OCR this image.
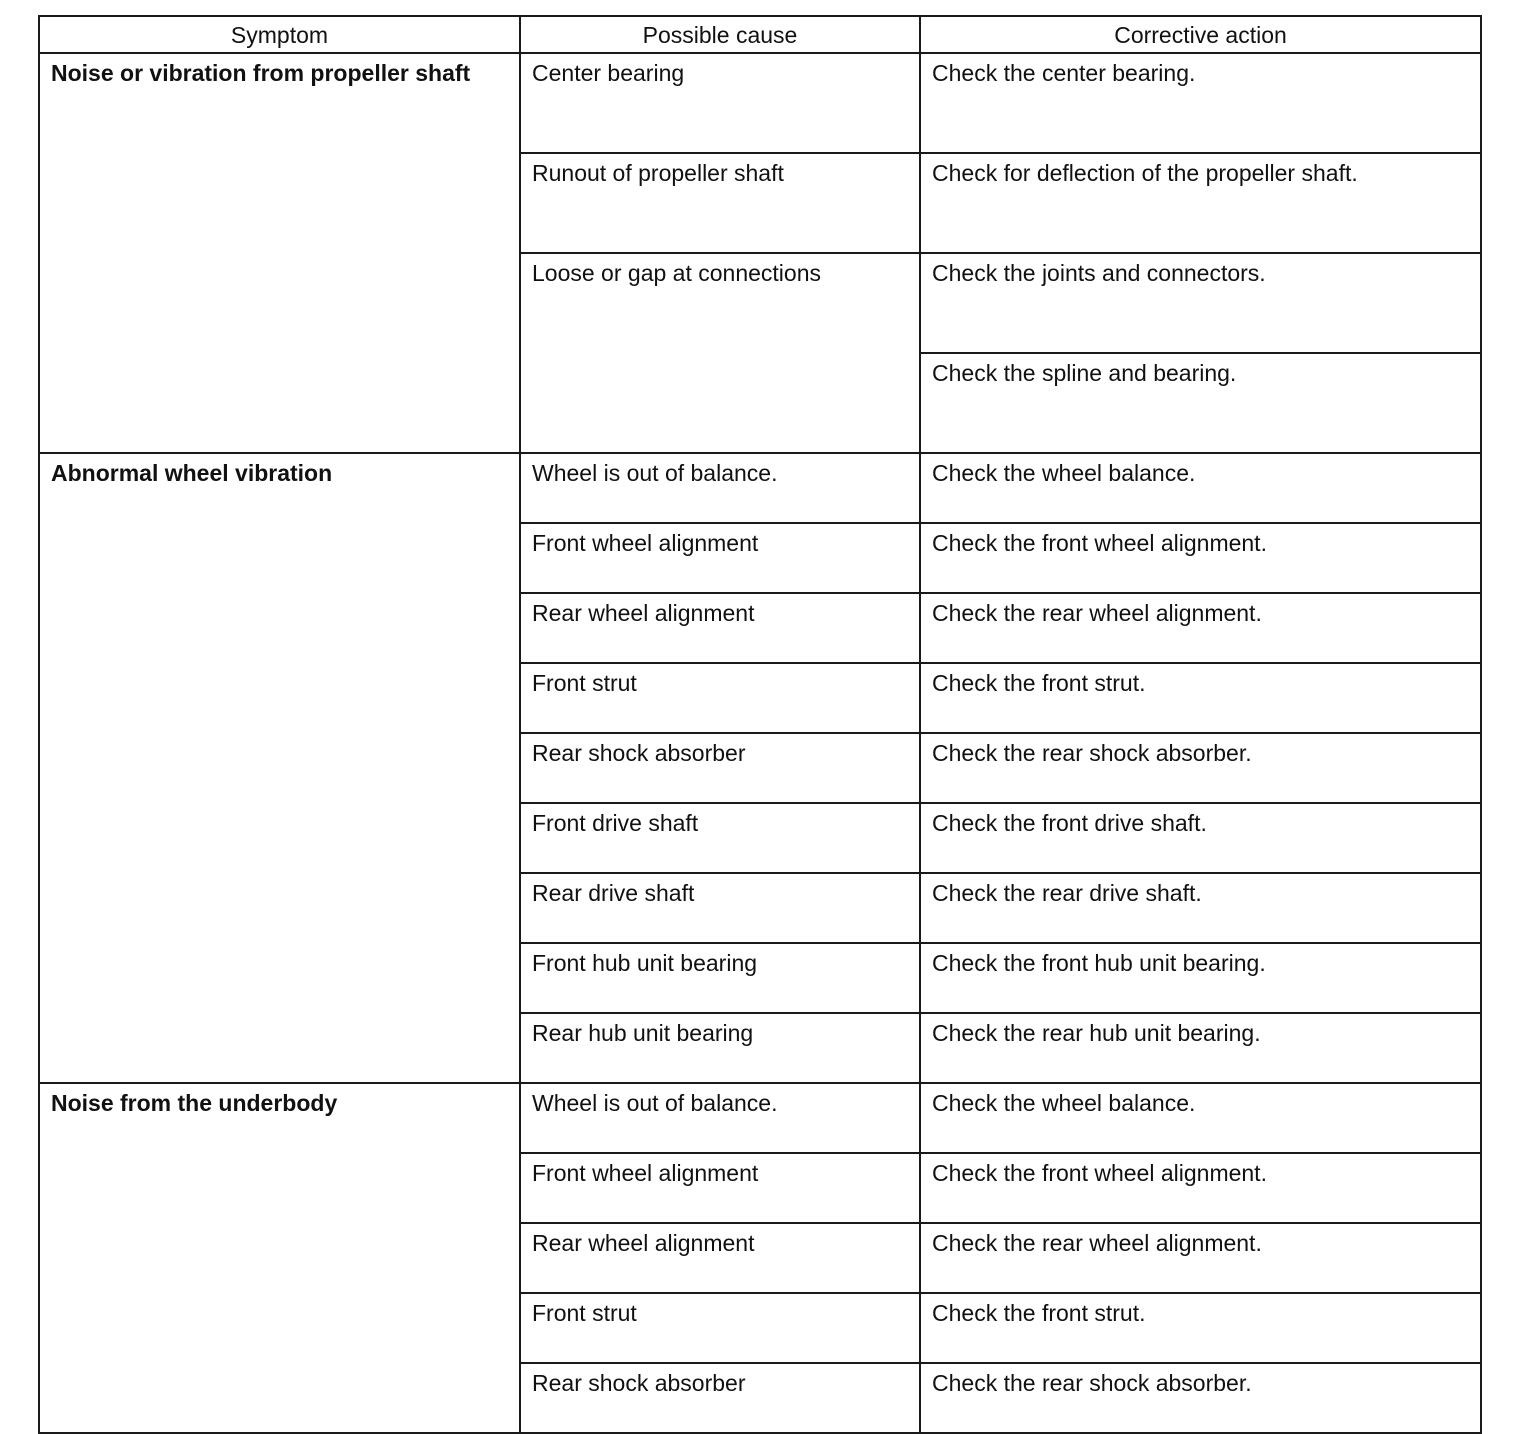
Symptom	Possible cause	Corrective action
Noise or vibration from propeller shaft	Center bearing	Check the center bearing.
	Runout of propeller shaft	Check for deflection of the propeller shaft.
	Loose or gap at connections	Check the joints and connectors.
		Check the spline and bearing.
Abnormal wheel vibration	Wheel is out of balance.	Check the wheel balance.
	Front wheel alignment	Check the front wheel alignment.
	Rear wheel alignment	Check the rear wheel alignment.
	Front strut	Check the front strut.
	Rear shock absorber	Check the rear shock absorber.
	Front drive shaft	Check the front drive shaft.
	Rear drive shaft	Check the rear drive shaft.
	Front hub unit bearing	Check the front hub unit bearing.
	Rear hub unit bearing	Check the rear hub unit bearing.
Noise from the underbody	Wheel is out of balance.	Check the wheel balance.
	Front wheel alignment	Check the front wheel alignment.
	Rear wheel alignment	Check the rear wheel alignment.
	Front strut	Check the front strut.
	Rear shock absorber	Check the rear shock absorber.
